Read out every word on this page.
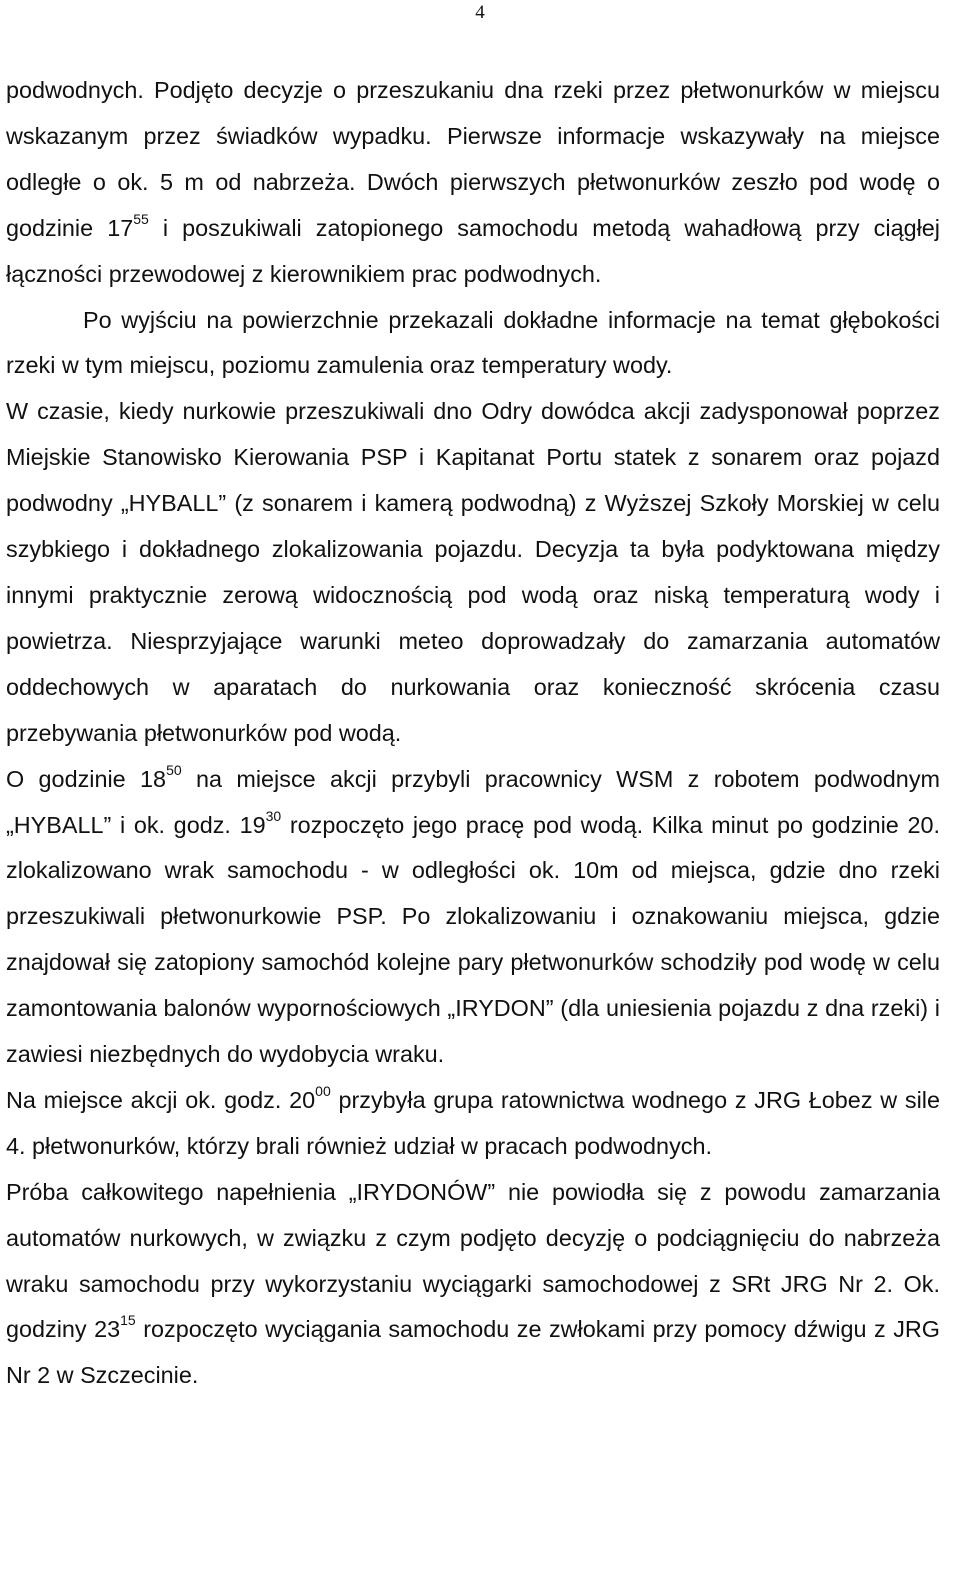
4

podwodnych. Podjęto decyzje o przeszukaniu dna rzeki przez płetwonurków w miejscu wskazanym przez świadków wypadku. Pierwsze informacje wskazywały na miejsce odległe o ok. 5 m od nabrzeża. Dwóch pierwszych płetwonurków zeszło pod wodę o godzinie $17^{55}$ i poszukiwali zatopionego samochodu metodą wahadłową przy ciągłej łączności przewodowej z kierownikiem prac podwodnych.

Po wyjściu na powierzchnie przekazali dokładne informacje na temat głębokości rzeki w tym miejscu, poziomu zamulenia oraz temperatury wody.

W czasie, kiedy nurkowie przeszukiwali dno Odry dowódca akcji zadysponował poprzez Miejskie Stanowisko Kierowania PSP i Kapitanat Portu statek z sonarem oraz pojazd podwodny „HYBALL” (z sonarem i kamerą podwodną) z Wyższej Szkoły Morskiej w celu szybkiego i dokładnego zlokalizowania pojazdu. Decyzja ta była podyktowana między innymi praktycznie zerową widocznością pod wodą oraz niską temperaturą wody i powietrza. Niesprzyjające warunki meteo doprowadzały do zamarzania automatów oddechowych w aparatach do nurkowania oraz konieczność skrócenia czasu przebywania płetwonurków pod wodą.

O godzinie $18^{50}$ na miejsce akcji przybyli pracownicy WSM z robotem podwodnym „HYBALL” i ok. godz. $19^{30}$ rozpoczęto jego pracę pod wodą. Kilka minut po godzinie 20. zlokalizowano wrak samochodu - w odległości ok. 10m od miejsca, gdzie dno rzeki przeszukiwali płetwonurkowie PSP. Po zlokalizowaniu i oznakowaniu miejsca, gdzie znajdował się zatopiony samochód kolejne pary płetwonurków schodziły pod wodę w celu zamontowania balonów wypornościowych „IRYDON” (dla uniesienia pojazdu z dna rzeki) i zawiesi niezbędnych do wydobycia wraku.

Na miejsce akcji ok. godz. $20^{00}$ przybyła grupa ratownictwa wodnego z JRG Łobez w sile 4. płetwonurków, którzy brali również udział w pracach podwodnych.

Próba całkowitego napełnienia „IRYDONÓW” nie powiodła się z powodu zamarzania automatów nurkowych, w związku z czym podjęto decyzję o podciągnięciu do nabrzeża wraku samochodu przy wykorzystaniu wyciągarki samochodowej z SRt JRG Nr 2. Ok. godziny $23^{15}$ rozpoczęto wyciągania samochodu ze zwłokami przy pomocy dźwigu z JRG Nr 2 w Szczecinie.
